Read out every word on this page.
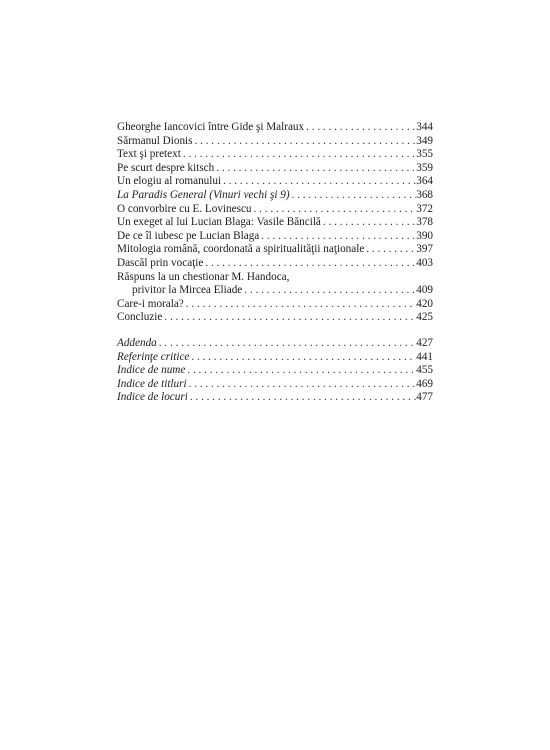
Gheorghe Iancovici între Gide şi Malraux . . .	344
Sărmanul Dionis . . .	349
Text şi pretext . . .	355
Pe scurt despre kitsch . . .	359
Un elogiu al romanului . . .	364
La Paradis General (Vinuri vechi şi 9) . . .	368
O convorbire cu E. Lovinescu . . .	372
Un exeget al lui Lucian Blaga: Vasile Băncilă . . .	378
De ce îl iubesc pe Lucian Blaga . . .	390
Mitologia română, coordonată a spiritualităţii naţionale . . .	397
Dascăl prin vocaţie . . .	403
Răspuns la un chestionar M. Handoca,
privitor la Mircea Eliade . . .	409
Care-i morala? . . .	420
Concluzie . . .	425
Addenda . . .	427
Referinţe critice . . .	441
Indice de nume . . .	455
Indice de titluri . . .	469
Indice de locuri . . .	477
